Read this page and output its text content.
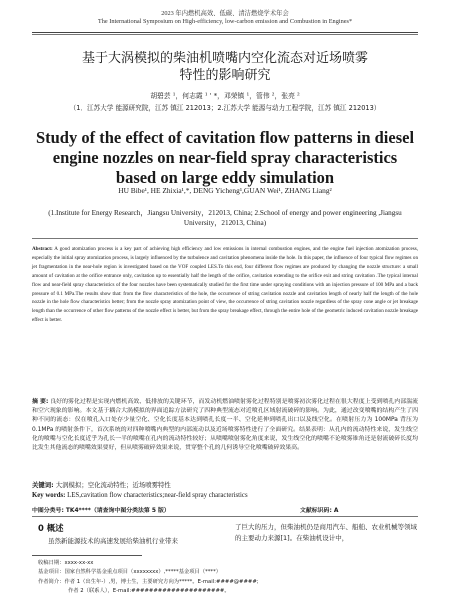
2023 年内燃机高效、低碳、清洁燃烧学术年会
The International Symposium on High-efficiency, low-carbon emission and Combustion in Engines*
基于大涡模拟的柴油机喷嘴内空化流态对近场喷雾
特性的影响研究
胡碧芸 ¹，何志霞 ¹ ' *，邓荣镇 ¹，管伟 ²，张亮 ²
（1．江苏大学 能源研究院，江苏 镇江 212013；2.江苏大学 能源与动力工程学院，江苏 镇江 212013）
Study of the effect of cavitation flow patterns in diesel
engine nozzles on near-field spray characteristics
based on large eddy simulation
HU Bibe¹, HE Zhixia¹,*, DENG Yicheng¹,GUAN Wei¹, ZHANG Liang²
(1.Institute for Energy Research，Jiangsu University，212013, China; 2.School of energy and power engineering ,Jiangsu University，212013, China)
Abstract: A good atomization process is a key part of achieving high efficiency and low emissions in internal combustion engines, and the engine fuel injection atomization process, especially the initial spray atomization process, is largely influenced by the turbulence and cavitation phenomena inside the hole. In this paper, the influence of four typical flow regimes on jet fragmentation in the near-hole region is investigated based on the VOF coupled LES.To this end, four different flow regimes are produced by changing the nozzle structure: a small amount of cavitation at the orifice entrance only, cavitation up to essentially half the length of the orifice, cavitation extending to the orifice exit and string cavitation .The typical internal flow and near-field spray characteristics of the four nozzles have been systematically studied for the first time under spraying conditions with an injection pressure of 100 MPa and a back pressure of 0.1 MPa.The results show that: from the flow characteristics of the hole, the occurrence of string cavitation nozzle and cavitation length of nearly half the length of the hole nozzle in the hole flow characteristics better; from the nozzle spray atomization point of view, the occurrence of string cavitation nozzle regardless of the spray cone angle or jet breakage length than the occurrence of other flow patterns of the nozzle effect is better, but from the spray breakage effect, through the entire hole of the geometric induced cavitation nozzle breakage effect is better.
摘 要: 良好的雾化过程是实现内燃机高效、低排放的关键环节，而发动机燃油喷射雾化过程特别是喷雾初次雾化过程在很大程度上受到喷孔内部湍流和空穴现象的影响。本文基于耦合大涡模拟的界面追踪方法研究了四种典型流态对近喷孔区域射流破碎的影响。为此，通过改变喷嘴的结构产生了四种不同的流态：仅在喷孔入口处存少量空化、空化长度基本达到喷孔长度一半、空化延伸到喷孔出口以及线空化。在喷射压力为 100MPa 背压为 0.1MPa 的喷射条件下，首次系统的对四种喷嘴内典型的内部流动以及近场喷雾特性进行了全面研究。结果表明：从孔内的流动特性来说，发生线空化的喷嘴与空化长度近乎为孔长一半的喷嘴在孔内的流动特性较好；从喷嘴喷射雾化角度来说，发生线空化的喷嘴不论喷雾锥角还是射流破碎长度均比发生其他流态的喷嘴效果要好，但从喷雾破碎效果来说，贯穿整个孔的几何诱导空化喷嘴破碎效果高。
关键词: 大涡模拟；空化流动特性；近场喷雾特性
Key words: LES,cavitation flow characteristics;near-field spray characteristics
中图分类号: TK4****（请查询中图分类法第 5 版）	文献标识码: A
0 概述
虽然新能源技术的高速发展给柴油机行业带来
了巨大的压力，但柴油机仍是商用汽车、船舶、农业机械等领域的主要动力来源[1]。在柴油机设计中，
收稿日期：xxxx-xx-xx
基金项目：国家自然科学基金重点项目（xxxxxxxx）,*****基金项目（****）
作者简介：作者 1（出生年-）,男，博士生，主要研究方向为*****。E-mail:####@####;
作者 2（联系人），E-mail:#####################。
